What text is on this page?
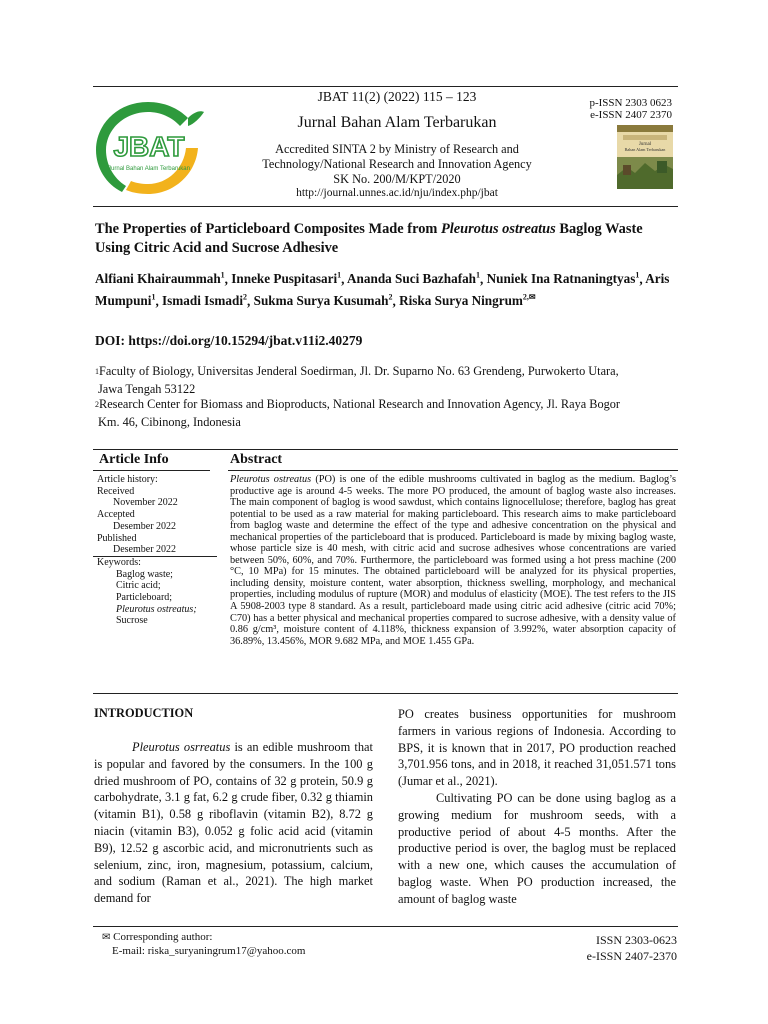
JBAT
Jurnal Bahan Alam Terbarukan
JBAT 11(2) (2022) 115 – 123
Jurnal Bahan Alam Terbarukan
Accredited SINTA 2 by Ministry of Research and
Technology/National Research and Innovation Agency
SK No. 200/M/KPT/2020
http://journal.unnes.ac.id/nju/index.php/jbat
p-ISSN 2303 0623
e-ISSN 2407 2370
Jurnal
Bahan Alam Terbarukan
The Properties of Particleboard Composites Made from Pleurotus ostreatus Baglog Waste Using Citric Acid and Sucrose Adhesive
Alfiani Khairaummah$^1$, Inneke Puspitasari$^1$, Ananda Suci Bazhafah$^1$, Nuniek Ina Ratnaningtyas$^1$, Aris Mumpuni$^1$, Ismadi Ismadi$^2$, Sukma Surya Kusumah$^2$, Riska Surya Ningrum$^{2,✉}$
DOI: https://doi.org/10.15294/jbat.v11i2.40279
$^1$Faculty of Biology, Universitas Jenderal Soedirman, Jl. Dr. Suparno No. 63 Grendeng, Purwokerto Utara,
Jawa Tengah 53122
$^2$Research Center for Biomass and Bioproducts, National Research and Innovation Agency, Jl. Raya Bogor
Km. 46, Cibinong, Indonesia
Article Info	Abstract
Article history:
Received
November 2022
Accepted
Desember 2022
Published
Desember 2022
Keywords:
Baglog waste;
Citric acid;
Particleboard;
Pleurotus ostreatus;
Sucrose
Pleurotus ostreatus (PO) is one of the edible mushrooms cultivated in baglog as the medium. Baglog’s productive age is around 4-5 weeks. The more PO produced, the amount of baglog waste also increases. The main component of baglog is wood sawdust, which contains lignocellulose; therefore, baglog has great potential to be used as a raw material for making particleboard. This research aims to make particleboard from baglog waste and determine the effect of the type and adhesive concentration on the physical and mechanical properties of the particleboard that is produced. Particleboard is made by mixing baglog waste, whose particle size is 40 mesh, with citric acid and sucrose adhesives whose concentrations are varied between 50%, 60%, and 70%. Furthermore, the particleboard was formed using a hot press machine (200 °C, 10 MPa) for 15 minutes. The obtained particleboard will be analyzed for its physical properties, including density, moisture content, water absorption, thickness swelling, morphology, and mechanical properties, including modulus of rupture (MOR) and modulus of elasticity (MOE). The test refers to the JIS A 5908-2003 type 8 standard. As a result, particleboard made using citric acid adhesive (citric acid 70%; C70) has a better physical and mechanical properties compared to sucrose adhesive, with a density value of 0.86 g/cm³, moisture content of 4.118%, thickness expansion of 3.992%, water absorption capacity of 36.89%, 13.456%, MOR 9.682 MPa, and MOE 1.455 GPa.
INTRODUCTION
Pleurotus osrreatus is an edible mushroom that is popular and favored by the consumers. In the 100 g dried mushroom of PO, contains of 32 g protein, 50.9 g carbohydrate, 3.1 g fat, 6.2 g crude fiber, 0.32 g thiamin (vitamin B1), 0.58 g riboflavin (vitamin B2), 8.72 g niacin (vitamin B3), 0.052 g folic acid acid (vitamin B9), 12.52 g ascorbic acid, and micronutrients such as selenium, zinc, iron, magnesium, potassium, calcium, and sodium (Raman et al., 2021). The high market demand for
PO creates business opportunities for mushroom farmers in various regions of Indonesia. According to BPS, it is known that in 2017, PO production reached 3,701.956 tons, and in 2018, it reached 31,051.571 tons (Jumar et al., 2021).
Cultivating PO can be done using baglog as a growing medium for mushroom seeds, with a productive period of about 4-5 months. After the productive period is over, the baglog must be replaced with a new one, which causes the accumulation of baglog waste. When PO production increased, the amount of baglog waste
✉ Corresponding author:
E-mail: riska_suryaningrum17@yahoo.com
ISSN 2303-0623
e-ISSN 2407-2370
